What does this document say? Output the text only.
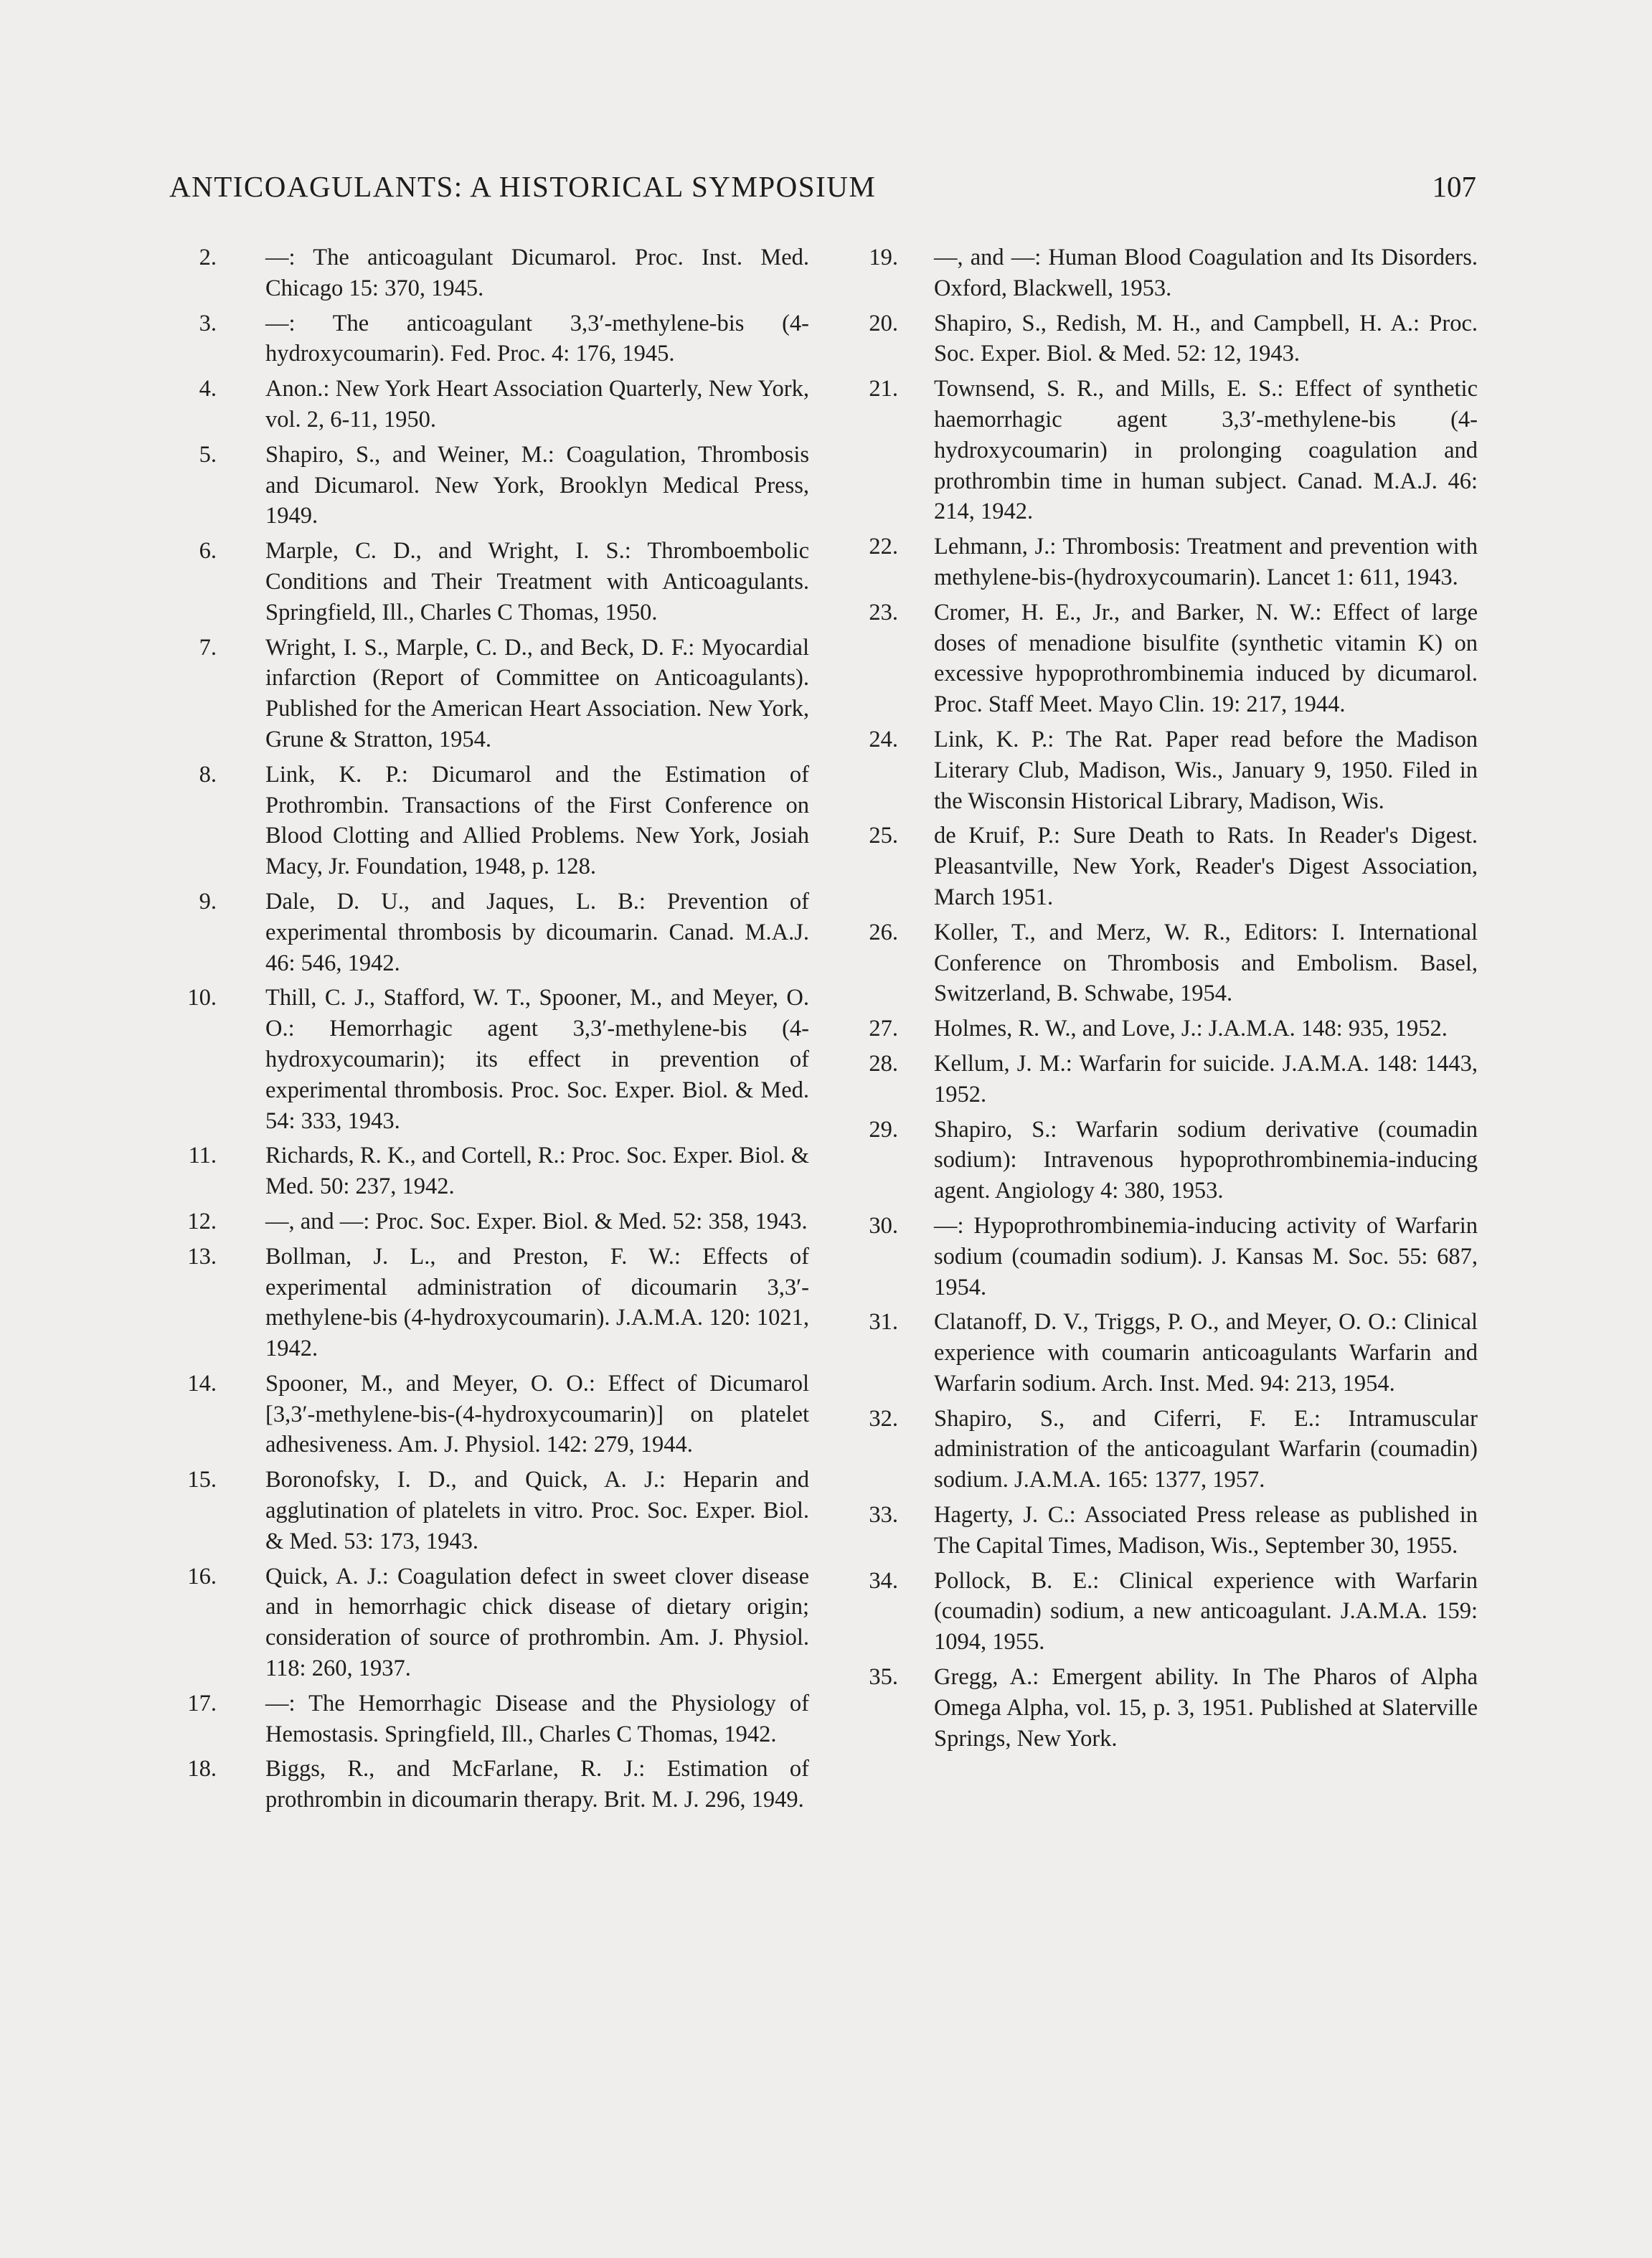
ANTICOAGULANTS: A HISTORICAL SYMPOSIUM	107
2. —: The anticoagulant Dicumarol. Proc. Inst. Med. Chicago 15: 370, 1945.
3. —: The anticoagulant 3,3′-methylene-bis (4-hydroxycoumarin). Fed. Proc. 4: 176, 1945.
4. Anon.: New York Heart Association Quarterly, New York, vol. 2, 6-11, 1950.
5. Shapiro, S., and Weiner, M.: Coagulation, Thrombosis and Dicumarol. New York, Brooklyn Medical Press, 1949.
6. Marple, C. D., and Wright, I. S.: Thromboembolic Conditions and Their Treatment with Anticoagulants. Springfield, Ill., Charles C Thomas, 1950.
7. Wright, I. S., Marple, C. D., and Beck, D. F.: Myocardial infarction (Report of Committee on Anticoagulants). Published for the American Heart Association. New York, Grune & Stratton, 1954.
8. Link, K. P.: Dicumarol and the Estimation of Prothrombin. Transactions of the First Conference on Blood Clotting and Allied Problems. New York, Josiah Macy, Jr. Foundation, 1948, p. 128.
9. Dale, D. U., and Jaques, L. B.: Prevention of experimental thrombosis by dicoumarin. Canad. M.A.J. 46: 546, 1942.
10. Thill, C. J., Stafford, W. T., Spooner, M., and Meyer, O. O.: Hemorrhagic agent 3,3′-methylene-bis (4-hydroxycoumarin); its effect in prevention of experimental thrombosis. Proc. Soc. Exper. Biol. & Med. 54: 333, 1943.
11. Richards, R. K., and Cortell, R.: Proc. Soc. Exper. Biol. & Med. 50: 237, 1942.
12. —, and —: Proc. Soc. Exper. Biol. & Med. 52: 358, 1943.
13. Bollman, J. L., and Preston, F. W.: Effects of experimental administration of dicoumarin 3,3′-methylene-bis (4-hydroxycoumarin). J.A.M.A. 120: 1021, 1942.
14. Spooner, M., and Meyer, O. O.: Effect of Dicumarol [3,3′-methylene-bis-(4-hydroxycoumarin)] on platelet adhesiveness. Am. J. Physiol. 142: 279, 1944.
15. Boronofsky, I. D., and Quick, A. J.: Heparin and agglutination of platelets in vitro. Proc. Soc. Exper. Biol. & Med. 53: 173, 1943.
16. Quick, A. J.: Coagulation defect in sweet clover disease and in hemorrhagic chick disease of dietary origin; consideration of source of prothrombin. Am. J. Physiol. 118: 260, 1937.
17. —: The Hemorrhagic Disease and the Physiology of Hemostasis. Springfield, Ill., Charles C Thomas, 1942.
18. Biggs, R., and McFarlane, R. J.: Estimation of prothrombin in dicoumarin therapy. Brit. M. J. 296, 1949.
19. —, and —: Human Blood Coagulation and Its Disorders. Oxford, Blackwell, 1953.
20. Shapiro, S., Redish, M. H., and Campbell, H. A.: Proc. Soc. Exper. Biol. & Med. 52: 12, 1943.
21. Townsend, S. R., and Mills, E. S.: Effect of synthetic haemorrhagic agent 3,3′-methylene-bis (4-hydroxycoumarin) in prolonging coagulation and prothrombin time in human subject. Canad. M.A.J. 46: 214, 1942.
22. Lehmann, J.: Thrombosis: Treatment and prevention with methylene-bis-(hydroxycoumarin). Lancet 1: 611, 1943.
23. Cromer, H. E., Jr., and Barker, N. W.: Effect of large doses of menadione bisulfite (synthetic vitamin K) on excessive hypoprothrombinemia induced by dicumarol. Proc. Staff Meet. Mayo Clin. 19: 217, 1944.
24. Link, K. P.: The Rat. Paper read before the Madison Literary Club, Madison, Wis., January 9, 1950. Filed in the Wisconsin Historical Library, Madison, Wis.
25. de Kruif, P.: Sure Death to Rats. In Reader's Digest. Pleasantville, New York, Reader's Digest Association, March 1951.
26. Koller, T., and Merz, W. R., Editors: I. International Conference on Thrombosis and Embolism. Basel, Switzerland, B. Schwabe, 1954.
27. Holmes, R. W., and Love, J.: J.A.M.A. 148: 935, 1952.
28. Kellum, J. M.: Warfarin for suicide. J.A.M.A. 148: 1443, 1952.
29. Shapiro, S.: Warfarin sodium derivative (coumadin sodium): Intravenous hypoprothrombinemia-inducing agent. Angiology 4: 380, 1953.
30. —: Hypoprothrombinemia-inducing activity of Warfarin sodium (coumadin sodium). J. Kansas M. Soc. 55: 687, 1954.
31. Clatanoff, D. V., Triggs, P. O., and Meyer, O. O.: Clinical experience with coumarin anticoagulants Warfarin and Warfarin sodium. Arch. Inst. Med. 94: 213, 1954.
32. Shapiro, S., and Ciferri, F. E.: Intramuscular administration of the anticoagulant Warfarin (coumadin) sodium. J.A.M.A. 165: 1377, 1957.
33. Hagerty, J. C.: Associated Press release as published in The Capital Times, Madison, Wis., September 30, 1955.
34. Pollock, B. E.: Clinical experience with Warfarin (coumadin) sodium, a new anticoagulant. J.A.M.A. 159: 1094, 1955.
35. Gregg, A.: Emergent ability. In The Pharos of Alpha Omega Alpha, vol. 15, p. 3, 1951. Published at Slaterville Springs, New York.
